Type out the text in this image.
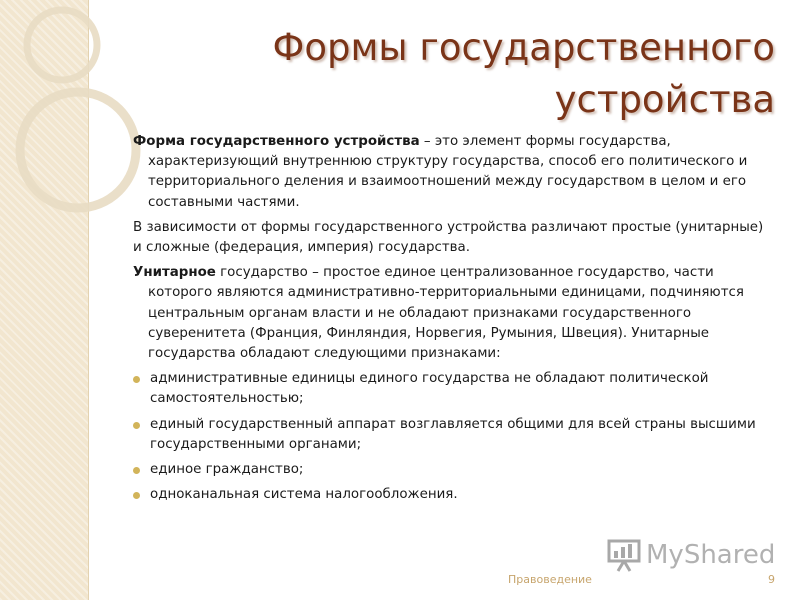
Формы государственного
устройства

Форма государственного устройства – это элемент формы государства, характеризующий внутреннюю структуру государства, способ его политического и территориального деления и взаимоотношений между государством в целом и его составными частями.

В зависимости от формы государственного устройства различают простые (унитарные) и сложные (федерация, империя) государства.

Унитарное государство – простое единое централизованное государство, части которого являются административно-территориальными единицами, подчиняются центральным органам власти и не обладают признаками государственного суверенитета (Франция, Финляндия, Норвегия, Румыния, Швеция). Унитарные государства обладают следующими признаками:

административные единицы единого государства не обладают политической самостоятельностью;
единый государственный аппарат возглавляется общими для всей страны высшими государственными органами;
единое гражданство;
одноканальная система налогообложения.
MyShared
Правоведение	9
